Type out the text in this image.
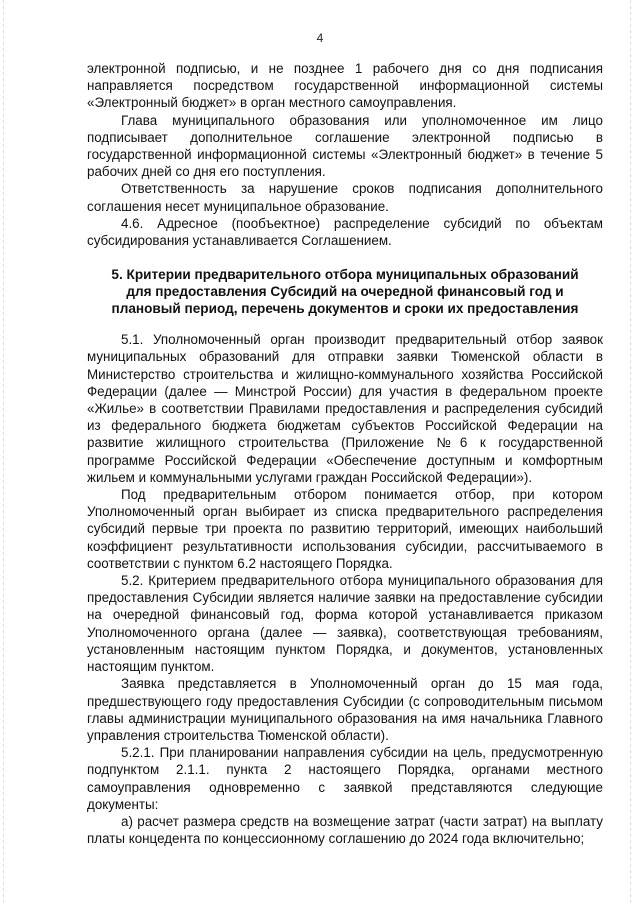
4

электронной подписью, и не позднее 1 рабочего дня со дня подписания направляется посредством государственной информационной системы «Электронный бюджет» в орган местного самоуправления.

Глава муниципального образования или уполномоченное им лицо подписывает дополнительное соглашение электронной подписью в государственной информационной системы «Электронный бюджет» в течение 5 рабочих дней со дня его поступления.

Ответственность за нарушение сроков подписания дополнительного соглашения несет муниципальное образование.

4.6. Адресное (пообъектное) распределение субсидий по объектам субсидирования устанавливается Соглашением.

5. Критерии предварительного отбора муниципальных образований для предоставления Субсидий на очередной финансовый год и плановый период, перечень документов и сроки их предоставления

5.1. Уполномоченный орган производит предварительный отбор заявок муниципальных образований для отправки заявки Тюменской области в Министерство строительства и жилищно-коммунального хозяйства Российской Федерации (далее — Минстрой России) для участия в федеральном проекте «Жилье» в соответствии Правилами предоставления и распределения субсидий из федерального бюджета бюджетам субъектов Российской Федерации на развитие жилищного строительства (Приложение №6 к государственной программе Российской Федерации «Обеспечение доступным и комфортным жильем и коммунальными услугами граждан Российской Федерации»).

Под предварительным отбором понимается отбор, при котором Уполномоченный орган выбирает из списка предварительного распределения субсидий первые три проекта по развитию территорий, имеющих наибольший коэффициент результативности использования субсидии, рассчитываемого в соответствии с пунктом 6.2 настоящего Порядка.

5.2. Критерием предварительного отбора муниципального образования для предоставления Субсидии является наличие заявки на предоставление субсидии на очередной финансовый год, форма которой устанавливается приказом Уполномоченного органа (далее — заявка), соответствующая требованиям, установленным настоящим пунктом Порядка, и документов, установленных настоящим пунктом.

Заявка представляется в Уполномоченный орган до 15 мая года, предшествующего году предоставления Субсидии (с сопроводительным письмом главы администрации муниципального образования на имя начальника Главного управления строительства Тюменской области).

5.2.1. При планировании направления субсидии на цель, предусмотренную подпунктом 2.1.1. пункта 2 настоящего Порядка, органами местного самоуправления одновременно с заявкой представляются следующие документы:

а) расчет размера средств на возмещение затрат (части затрат) на выплату платы концедента по концессионному соглашению до 2024 года включительно;
